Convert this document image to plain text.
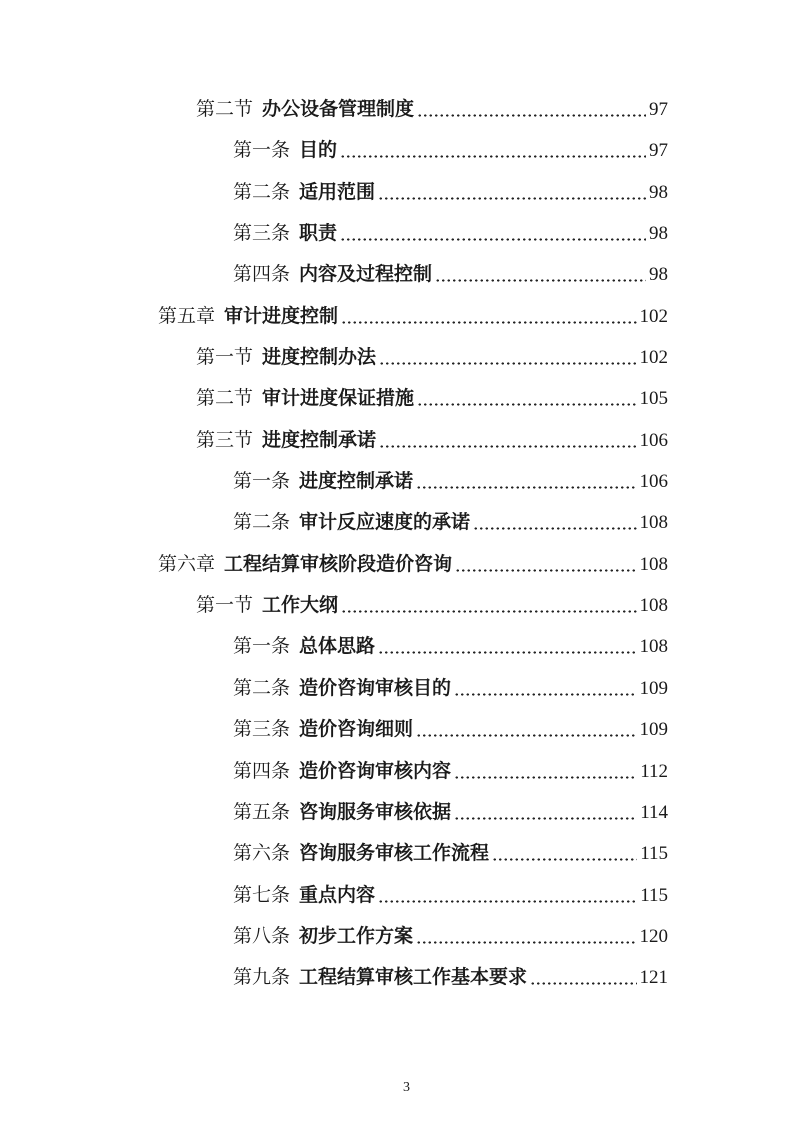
第二节 办公设备管理制度	97
第一条 目的	97
第二条 适用范围	98
第三条 职责	98
第四条 内容及过程控制	98
第五章 审计进度控制	102
第一节 进度控制办法	102
第二节 审计进度保证措施	105
第三节 进度控制承诺	106
第一条 进度控制承诺	106
第二条 审计反应速度的承诺	108
第六章 工程结算审核阶段造价咨询	108
第一节 工作大纲	108
第一条 总体思路	108
第二条 造价咨询审核目的	109
第三条 造价咨询细则	109
第四条 造价咨询审核内容	112
第五条 咨询服务审核依据	114
第六条 咨询服务审核工作流程	115
第七条 重点内容	115
第八条 初步工作方案	120
第九条 工程结算审核工作基本要求	121
3
